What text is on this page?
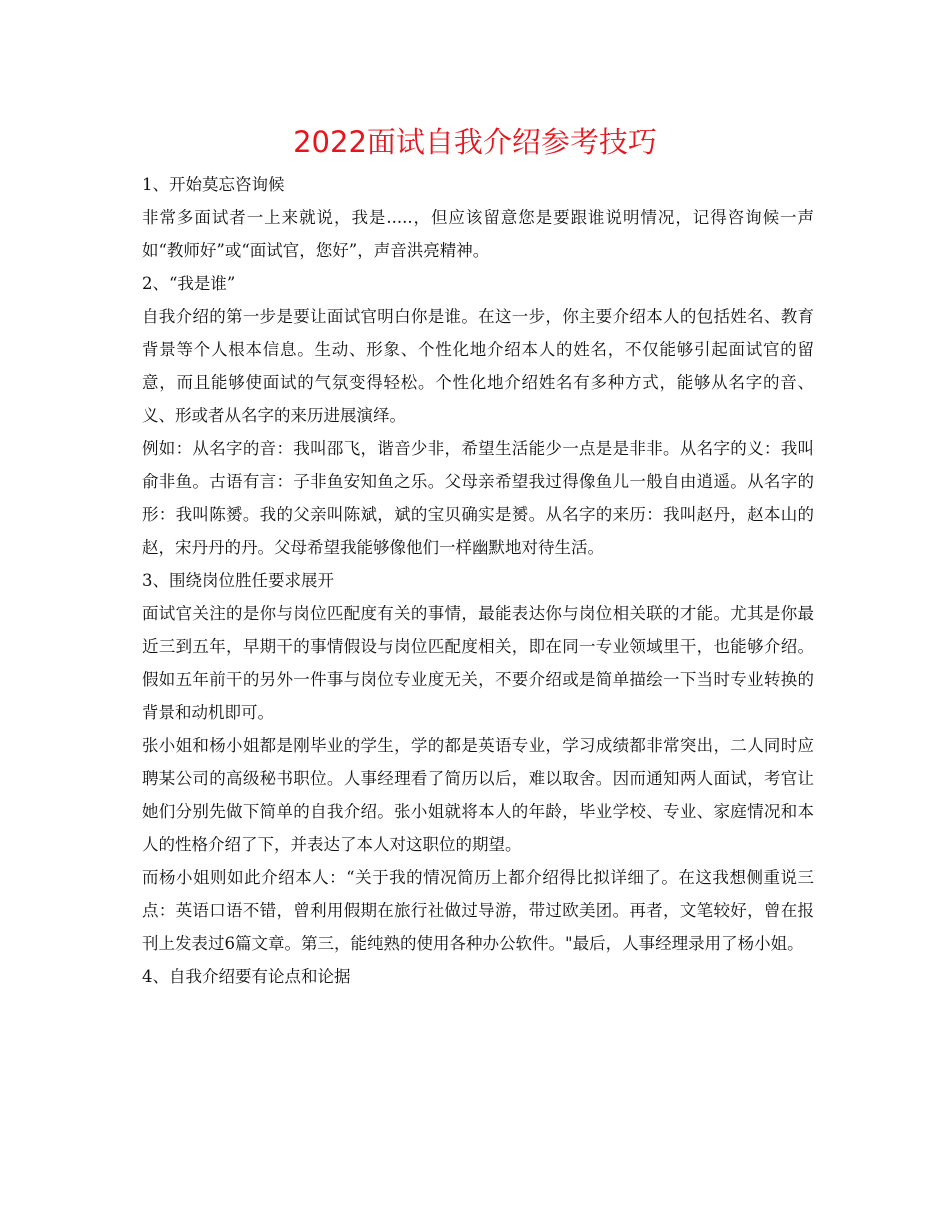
2022面试自我介绍参考技巧

1、开始莫忘咨询候

非常多面试者一上来就说，我是.....，但应该留意您是要跟谁说明情况，记得咨询候一声如“教师好”或“面试官，您好”，声音洪亮精神。

2、“我是谁”

自我介绍的第一步是要让面试官明白你是谁。在这一步，你主要介绍本人的包括姓名、教育背景等个人根本信息。生动、形象、个性化地介绍本人的姓名，不仅能够引起面试官的留意，而且能够使面试的气氛变得轻松。个性化地介绍姓名有多种方式，能够从名字的音、义、形或者从名字的来历进展演绎。

例如：从名字的音：我叫邵飞，谐音少非，希望生活能少一点是是非非。从名字的义：我叫俞非鱼。古语有言：子非鱼安知鱼之乐。父母亲希望我过得像鱼儿一般自由逍遥。从名字的形：我叫陈赟。我的父亲叫陈斌，斌的宝贝确实是赟。从名字的来历：我叫赵丹，赵本山的赵，宋丹丹的丹。父母希望我能够像他们一样幽默地对待生活。

3、围绕岗位胜任要求展开

面试官关注的是你与岗位匹配度有关的事情，最能表达你与岗位相关联的才能。尤其是你最近三到五年，早期干的事情假设与岗位匹配度相关，即在同一专业领域里干，也能够介绍。假如五年前干的另外一件事与岗位专业度无关，不要介绍或是简单描绘一下当时专业转换的背景和动机即可。

张小姐和杨小姐都是刚毕业的学生，学的都是英语专业，学习成绩都非常突出，二人同时应聘某公司的高级秘书职位。人事经理看了简历以后，难以取舍。因而通知两人面试，考官让她们分别先做下简单的自我介绍。张小姐就将本人的年龄，毕业学校、专业、家庭情况和本人的性格介绍了下，并表达了本人对这职位的期望。

而杨小姐则如此介绍本人：“关于我的情况简历上都介绍得比拟详细了。在这我想侧重说三点：英语口语不错，曾利用假期在旅行社做过导游，带过欧美团。再者，文笔较好，曾在报刊上发表过6篇文章。第三，能纯熟的使用各种办公软件。"最后，人事经理录用了杨小姐。

4、自我介绍要有论点和论据
